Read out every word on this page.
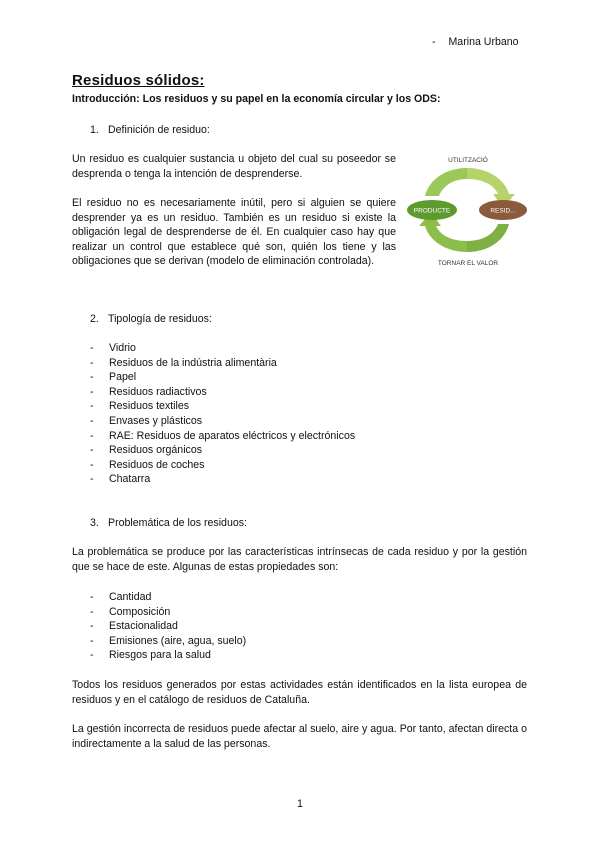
- Marina Urbano
Residuos sólidos:
Introducción: Los residuos y su papel en la economía circular y los ODS:
1. Definición de residuo:

Un residuo es cualquier sustancia u objeto del cual su poseedor se desprenda o tenga la intención de desprenderse.

El residuo no es necesariamente inútil, pero si alguien se quiere desprender ya es un residuo. También es un residuo si existe la obligación legal de desprenderse de él. En cualquier caso hay que realizar un control que establece qué son, quién los tiene y las obligaciones que se derivan (modelo de eliminación controlada).

UTILITZACIÓ
PRODUCTE	RESID...
TORNAR EL VALOR
2. Tipología de residuos:
- Vidrio
- Residuos de la indústria alimentària
- Papel
- Residuos radiactivos
- Residuos textiles
- Envases y plásticos
- RAE: Residuos de aparatos eléctricos y electrónicos
- Residuos orgánicos
- Residuos de coches
- Chatarra
3. Problemática de los residuos:

La problemática se produce por las características intrínsecas de cada residuo y por la gestión que se hace de este. Algunas de estas propiedades son:

- Cantidad
- Composición
- Estacionalidad
- Emisiones (aire, agua, suelo)
- Riesgos para la salud

Todos los residuos generados por estas actividades están identificados en la lista europea de residuos y en el catálogo de residuos de Cataluña.

La gestión incorrecta de residuos puede afectar al suelo, aire y agua. Por tanto, afectan directa o indirectamente a la salud de las personas.

1
